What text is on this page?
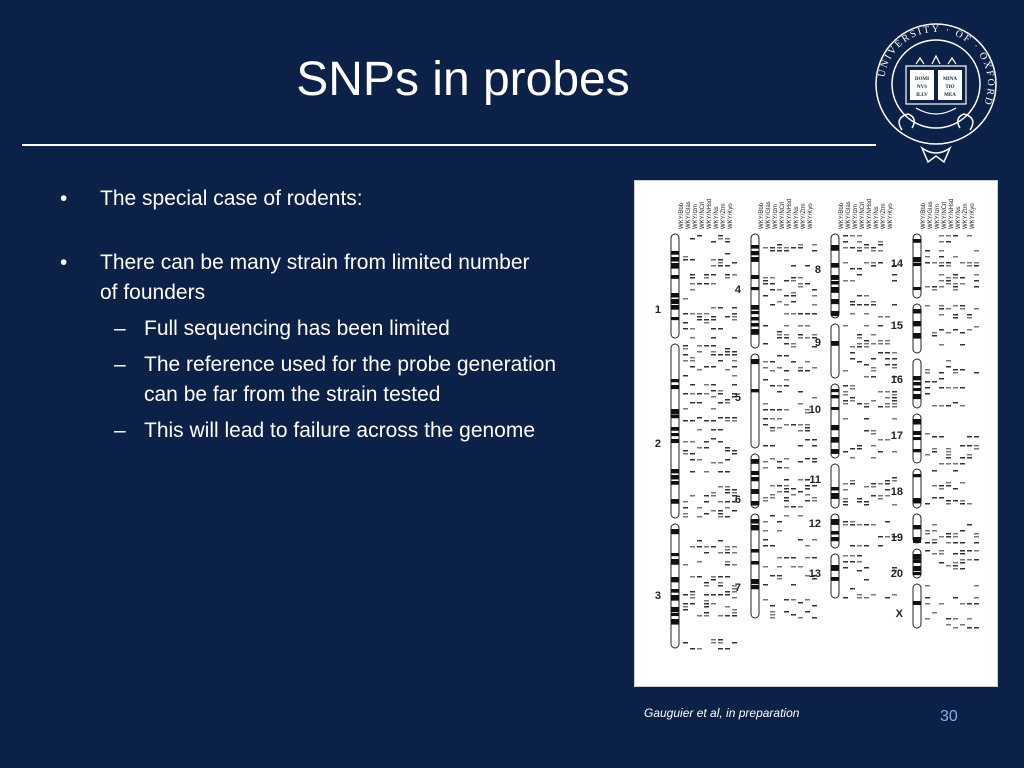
SNPs in probes	UNIVERSITY · OF · OXFORD
DOMI
NVS
ILLV
MINA
TIO
MEA
• The special case of rodents:
• There can be many strain from limited number of founders
– Full sequencing has been limited
– The reference used for the probe generation can be far from the strain tested
– This will lead to failure across the genome
WKY/Bbb WKY/Glas WKY/Izm WKY/NCrl WKY/NHsd WKY/Ns WKY/Ztm WKY/Kyo
1
2
3
WKY/Bbb WKY/Glas WKY/Izm WKY/NCrl WKY/NHsd WKY/Ns WKY/Ztm WKY/Kyo
4
5
6
7
WKY/Bbb WKY/Glas WKY/Izm WKY/NCrl WKY/NHsd WKY/Ns WKY/Ztm WKY/Kyo
8
9
10
11
12
13
WKY/Bbb WKY/Glas WKY/Izm WKY/NCrl WKY/NHsd WKY/Ns WKY/Ztm WKY/Kyo
14
15
16
17
18
19
20
X
Gauguier et al, in preparation	30
